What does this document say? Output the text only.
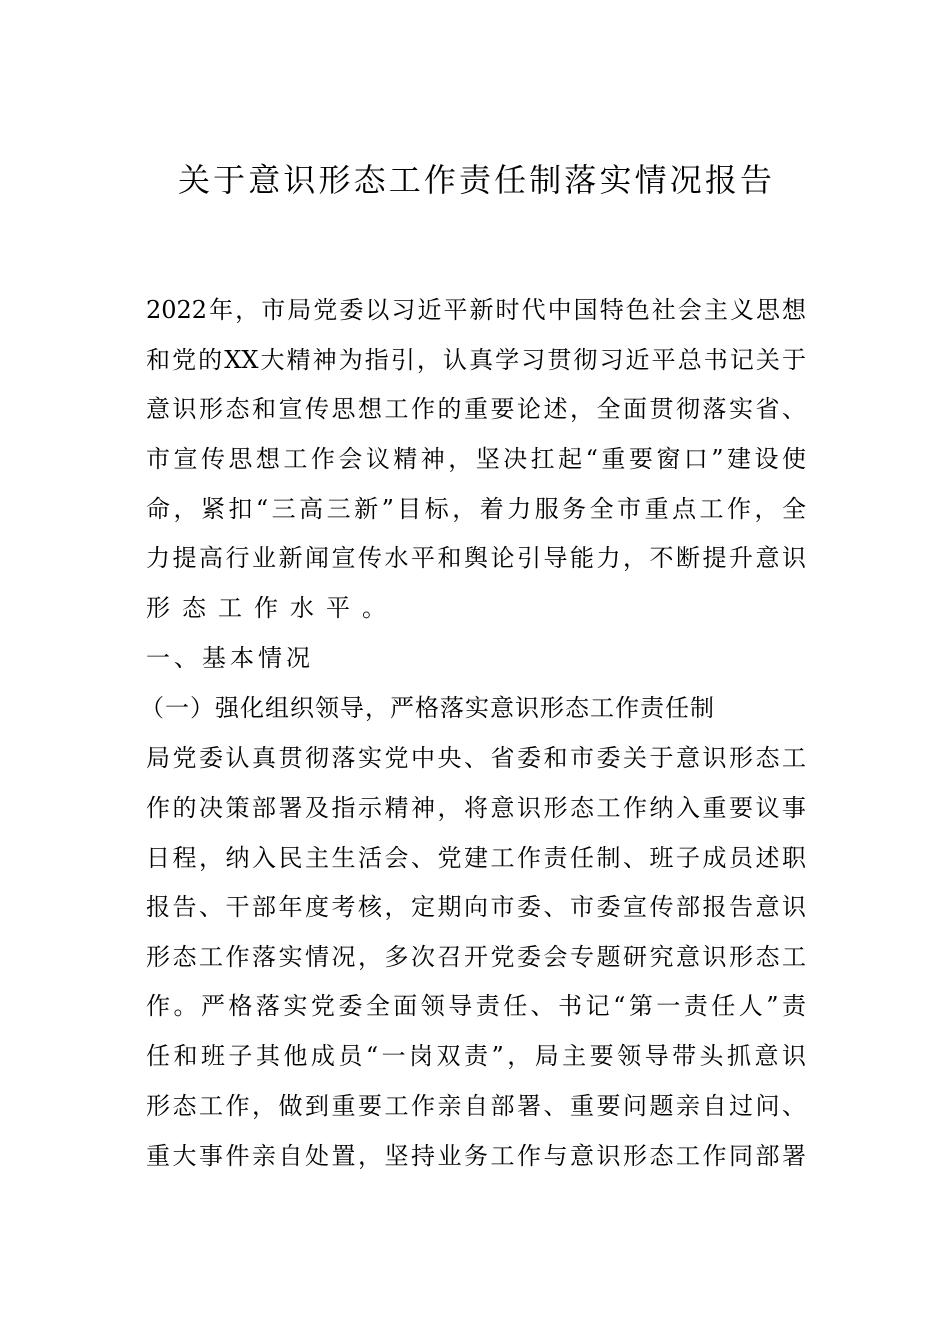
关于意识形态工作责任制落实情况报告
2022年，市局党委以习近平新时代中国特色社会主义思想
和党的XX大精神为指引，认真学习贯彻习近平总书记关于
意识形态和宣传思想工作的重要论述，全面贯彻落实省、
市宣传思想工作会议精神，坚决扛起“重要窗口”建设使
命，紧扣“三高三新”目标，着力服务全市重点工作，全
力提高行业新闻宣传水平和舆论引导能力，不断提升意识
形态工作水平。
一、基本情况
（一）强化组织领导，严格落实意识形态工作责任制
局党委认真贯彻落实党中央、省委和市委关于意识形态工
作的决策部署及指示精神，将意识形态工作纳入重要议事
日程，纳入民主生活会、党建工作责任制、班子成员述职
报告、干部年度考核，定期向市委、市委宣传部报告意识
形态工作落实情况，多次召开党委会专题研究意识形态工
作。严格落实党委全面领导责任、书记“第一责任人”责
任和班子其他成员“一岗双责”，局主要领导带头抓意识
形态工作，做到重要工作亲自部署、重要问题亲自过问、
重大事件亲自处置，坚持业务工作与意识形态工作同部署
